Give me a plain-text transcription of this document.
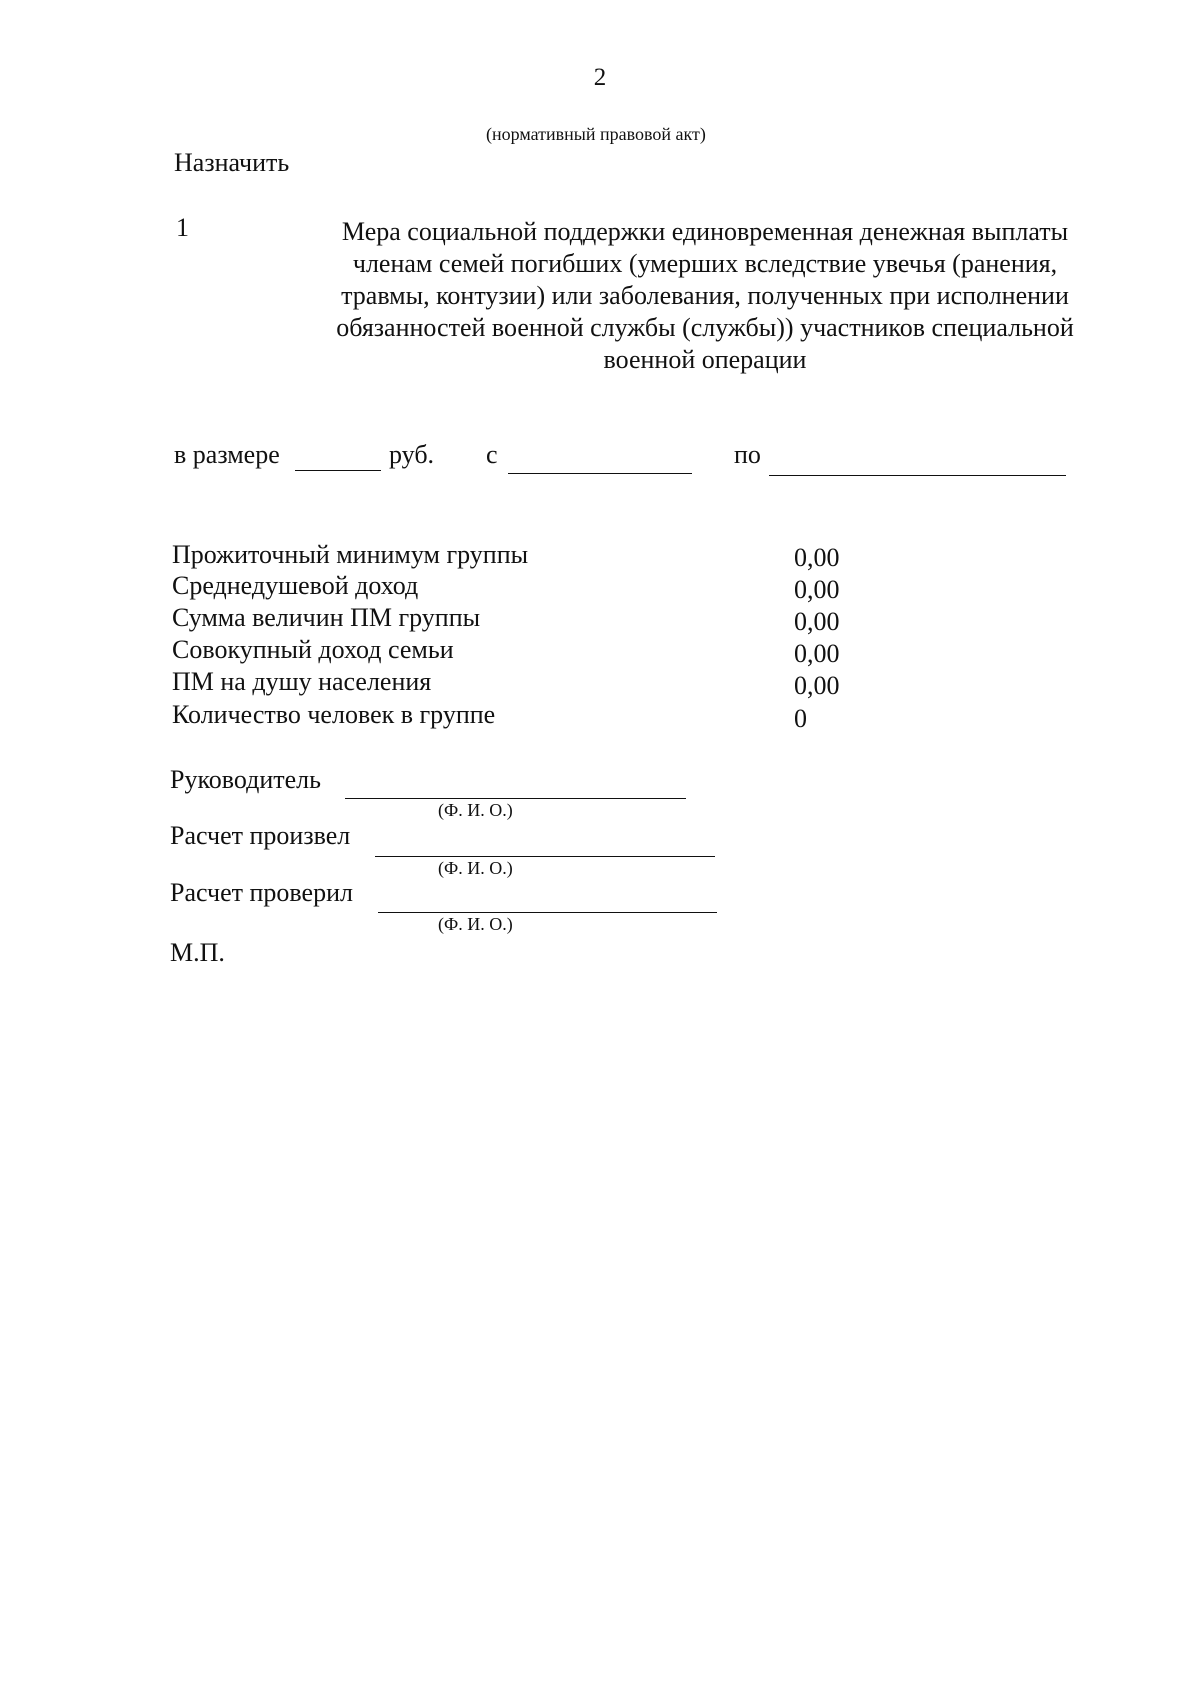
2
(нормативный правовой акт)
Назначить
1	Мера социальной поддержки единовременная денежная выплаты
членам семей погибших (умерших вследствие увечья (ранения,
травмы, контузии) или заболевания, полученных при исполнении
обязанностей военной службы (службы)) участников специальной
военной операции
в размере	руб. с	по
Прожиточный минимум группы	0,00
Среднедушевой доход	0,00
Сумма величин ПМ группы	0,00
Совокупный доход семьи	0,00
ПМ на душу населения	0,00
Количество человек в группе	0
Руководитель
(Ф. И. О.)
Расчет произвел
(Ф. И. О.)
Расчет проверил
(Ф. И. О.)
М.П.
